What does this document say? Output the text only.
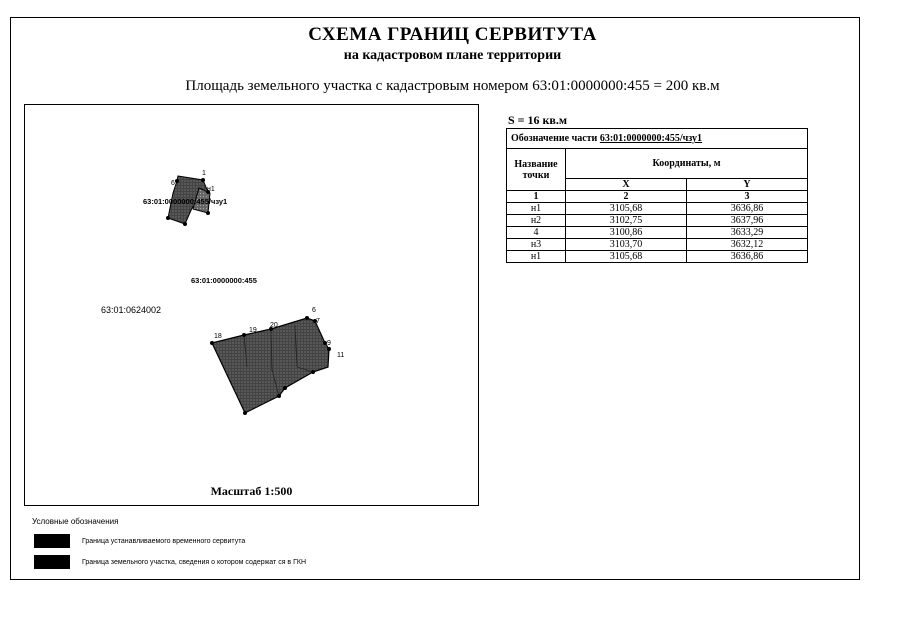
СХЕМА ГРАНИЦ СЕРВИТУТА
на кадастровом плане территории
Площадь земельного участка с кадастровым номером 63:01:0000000:455 = 200 кв.м
1
6
н1
63:01:0000000:455/чзу1
63:01:0000000:455
63:01:0624002	6
7
9
11
18
19
20
Масштаб 1:500
S = 16 кв.м
Обозначение части 63:01:0000000:455/чзу1		
Название точки	Координаты, м	
	X	Y
1	2	3
н1	3105,68	3636,86
н2	3102,75	3637,96
4	3100,86	3633,29
н3	3103,70	3632,12
н1	3105,68	3636,86
Условные обозначения
Граница устанавливаемого временного сервитута
Граница земельного участка, сведения о котором содержат ся в ГКН
